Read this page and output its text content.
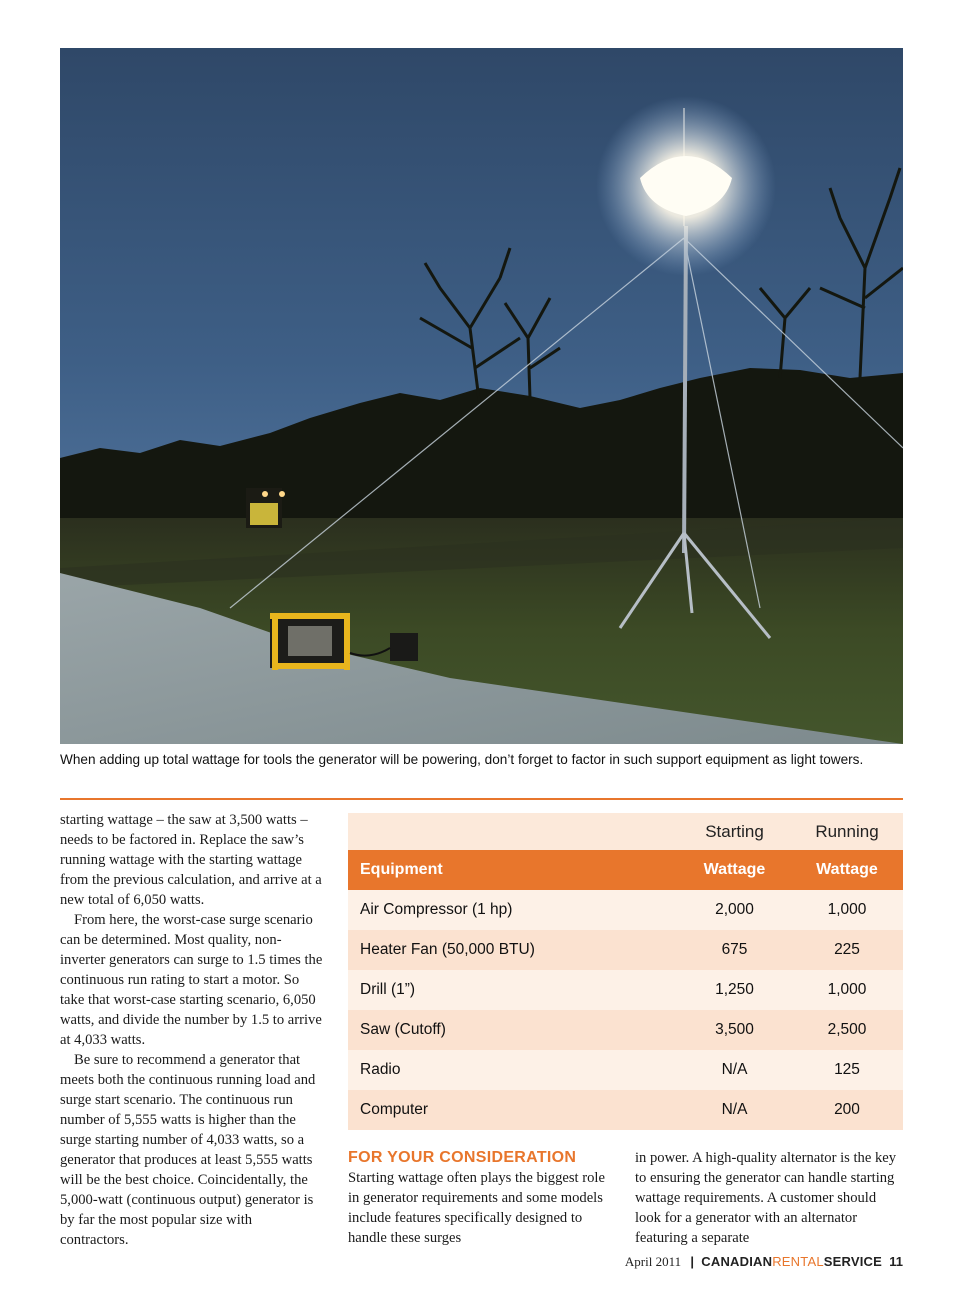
When adding up total wattage for tools the generator will be powering, don’t forget to factor in such support equipment as light towers.

starting wattage – the saw at 3,500 watts – needs to be factored in. Replace the saw’s running wattage with the starting wattage from the previous calculation, and arrive at a new total of 6,050 watts.

From here, the worst-case surge scenario can be determined. Most quality, non-inverter generators can surge to 1.5 times the continuous run rating to start a motor. So take that worst-case starting scenario, 6,050 watts, and divide the number by 1.5 to arrive at 4,033 watts.

Be sure to recommend a generator that meets both the continuous running load and surge start scenario. The continuous run number of 5,555 watts is higher than the surge starting number of 4,033 watts, so a generator that produces at least 5,555 watts will be the best choice. Coincidentally, the 5,000-watt (continuous output) generator is by far the most popular size with contractors.

	Starting	Running
Equipment	Wattage	Wattage
Air Compressor (1 hp)	2,000	1,000
Heater Fan (50,000 BTU)	675	225
Drill (1”)	1,250	1,000
Saw (Cutoff)	3,500	2,500
Radio	N/A	125
Computer	N/A	200
FOR YOUR CONSIDERATION

Starting wattage often plays the biggest role in generator requirements and some models include features specifically designed to handle these surges

in power. A high-quality alternator is the key to ensuring the generator can handle starting wattage requirements. A customer should look for a generator with an alternator featuring a separate

April 2011 | CANADIANRENTALSERVICE 11
